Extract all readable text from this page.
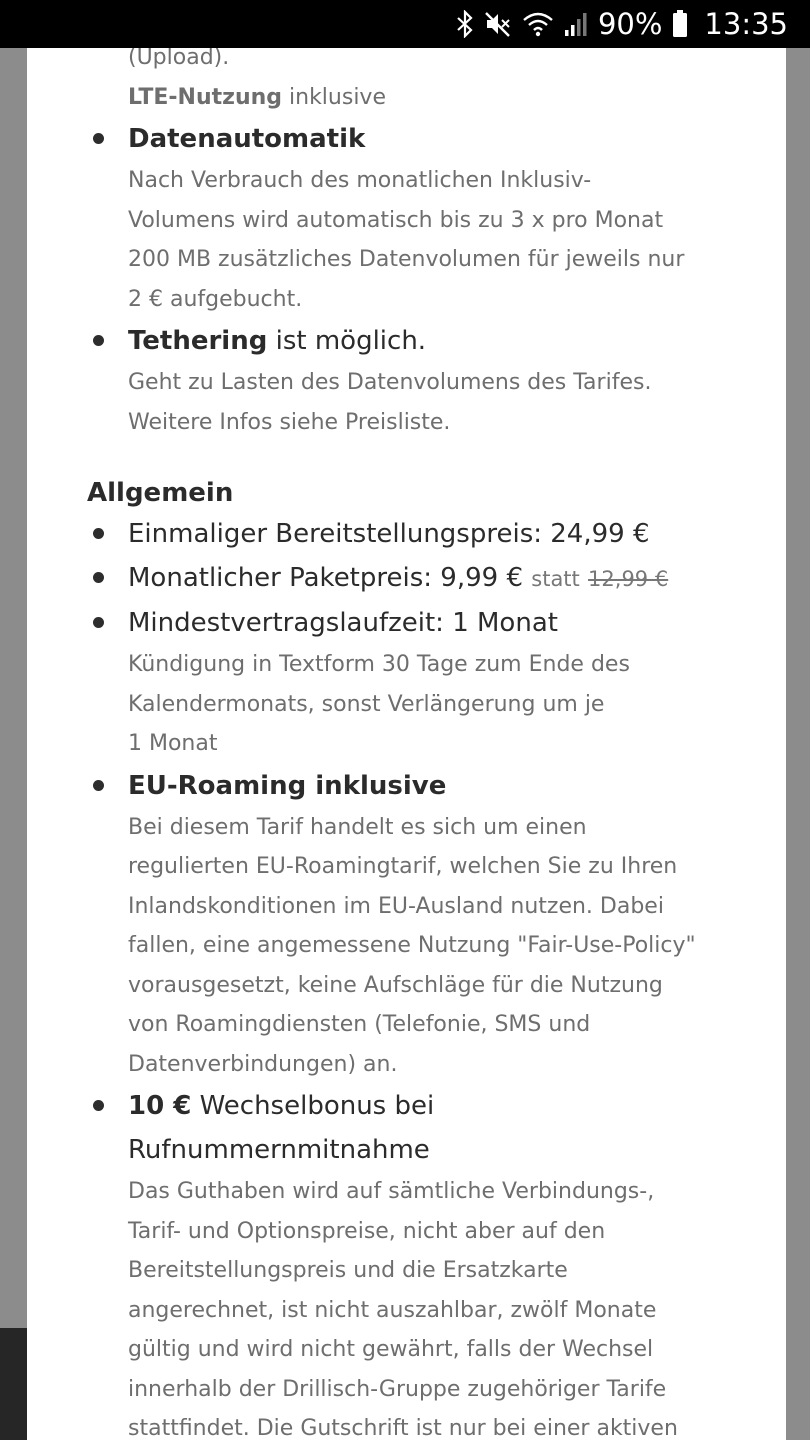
90% 13:35
(Upload).
LTE-Nutzung inklusive
Datenautomatik
Nach Verbrauch des monatlichen Inklusiv-
Volumens wird automatisch bis zu 3 x pro Monat
200 MB zusätzliches Datenvolumen für jeweils nur
2 € aufgebucht.
Tethering ist möglich.
Geht zu Lasten des Datenvolumens des Tarifes.
Weitere Infos siehe Preisliste.
Allgemein
Einmaliger Bereitstellungspreis: 24,99 €
Monatlicher Paketpreis: 9,99 € statt 12,99 €
Mindestvertragslaufzeit: 1 Monat
Kündigung in Textform 30 Tage zum Ende des
Kalendermonats, sonst Verlängerung um je
1 Monat
EU-Roaming inklusive
Bei diesem Tarif handelt es sich um einen
regulierten EU-Roamingtarif, welchen Sie zu Ihren
Inlandskonditionen im EU-Ausland nutzen. Dabei
fallen, eine angemessene Nutzung "Fair-Use-Policy"
vorausgesetzt, keine Aufschläge für die Nutzung
von Roamingdiensten (Telefonie, SMS und
Datenverbindungen) an.
10 € Wechselbonus bei
Rufnummernmitnahme
Das Guthaben wird auf sämtliche Verbindungs-,
Tarif- und Optionspreise, nicht aber auf den
Bereitstellungspreis und die Ersatzkarte
angerechnet, ist nicht auszahlbar, zwölf Monate
gültig und wird nicht gewährt, falls der Wechsel
innerhalb der Drillisch-Gruppe zugehöriger Tarife
stattfindet. Die Gutschrift ist nur bei einer aktiven
